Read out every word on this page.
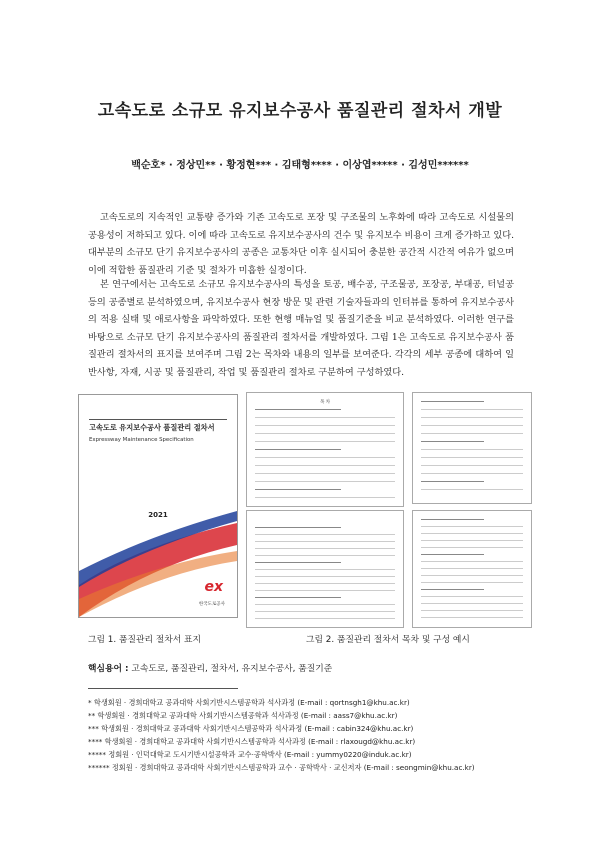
고속도로 소규모 유지보수공사 품질관리 절차서 개발
백순호* · 정상민** · 황정현*** · 김태형**** · 이상엽***** · 김성민******

고속도로의 지속적인 교통량 증가와 기존 고속도로 포장 및 구조물의 노후화에 따라 고속도로 시설물의 공용성이 저하되고 있다. 이에 따라 고속도로 유지보수공사의 건수 및 유지보수 비용이 크게 증가하고 있다. 대부분의 소규모 단기 유지보수공사의 공종은 교통차단 이후 실시되어 충분한 공간적 시간적 여유가 없으며 이에 적합한 품질관리 기준 및 절차가 미흡한 실정이다.

본 연구에서는 고속도로 소규모 유지보수공사의 특성을 토공, 배수공, 구조물공, 포장공, 부대공, 터널공 등의 공종별로 분석하였으며, 유지보수공사 현장 방문 및 관련 기술자들과의 인터뷰를 통하여 유지보수공사의 적용 실태 및 애로사항을 파악하였다. 또한 현행 매뉴얼 및 품질기준을 비교 분석하였다. 이러한 연구를 바탕으로 소규모 단기 유지보수공사의 품질관리 절차서를 개발하였다. 그림 1은 고속도로 유지보수공사 품질관리 절차서의 표지를 보여주며 그림 2는 목차와 내용의 일부를 보여준다. 각각의 세부 공종에 대하여 일반사항, 자재, 시공 및 품질관리, 작업 및 품질관리 절차로 구분하여 구성하였다.

고속도로 유지보수공사 품질관리 절차서
Expressway Maintenance Specification
2021
ex
한국도로공사
목 차
그림 1. 품질관리 절차서 표지	그림 2. 품질관리 절차서 목차 및 구성 예시
핵심용어 : 고속도로, 품질관리, 절차서, 유지보수공사, 품질기준
* 학생회원 · 경희대학교 공과대학 사회기반시스템공학과 석사과정 (E-mail : qortnsgh1@khu.ac.kr)
** 학생회원 · 경희대학교 공과대학 사회기반시스템공학과 석사과정 (E-mail : aass7@khu.ac.kr)
*** 학생회원 · 경희대학교 공과대학 사회기반시스템공학과 석사과정 (E-mail : cabin324@khu.ac.kr)
**** 학생회원 · 경희대학교 공과대학 사회기반시스템공학과 석사과정 (E-mail : rlaxougd@khu.ac.kr)
***** 정회원 · 인덕대학교 도시기반시설공학과 교수·공학박사 (E-mail : yummy0220@induk.ac.kr)
****** 정회원 · 경희대학교 공과대학 사회기반시스템공학과 교수 · 공학박사 · 교신저자 (E-mail : seongmin@khu.ac.kr)
